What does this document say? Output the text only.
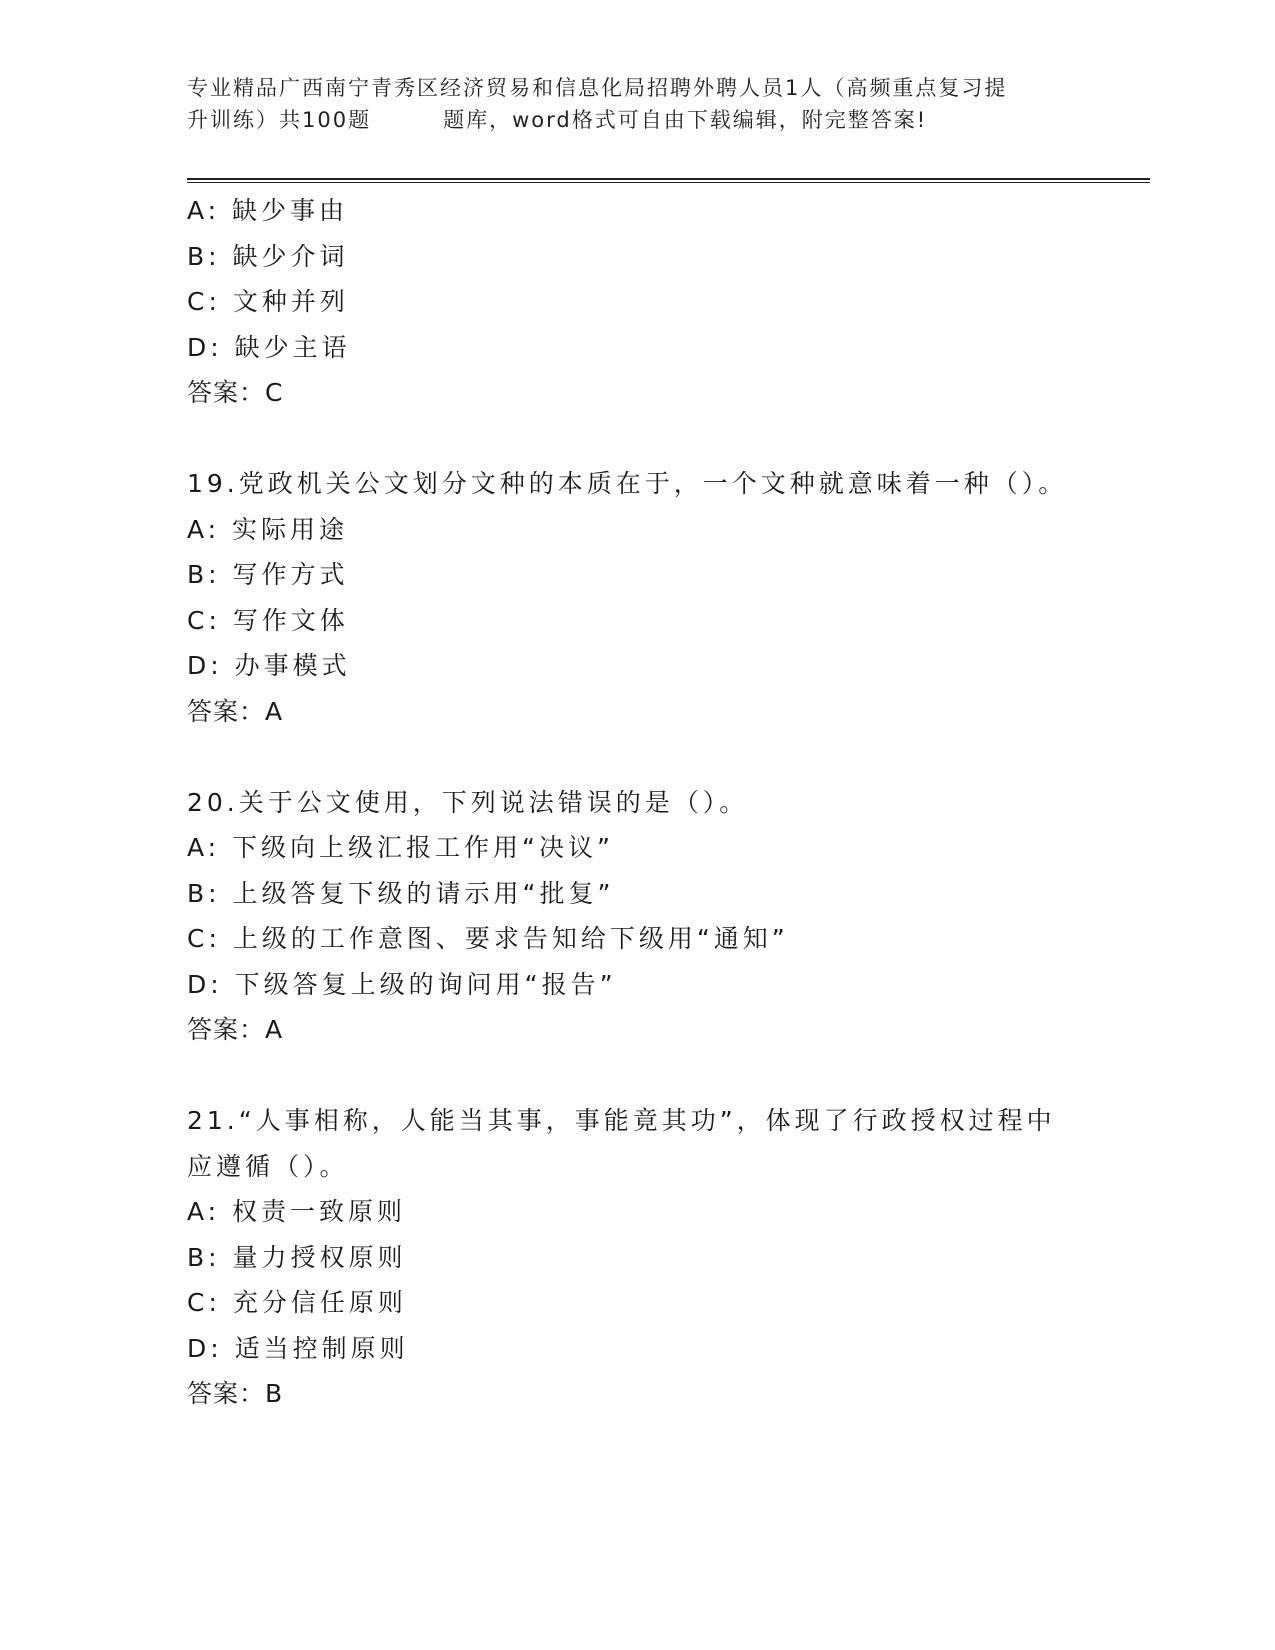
专业精品广西南宁青秀区经济贸易和信息化局招聘外聘人员1人（高频重点复习提
升训练）共100题	题库，word格式可自由下载编辑，附完整答案!
A: 缺少事由
B: 缺少介词
C: 文种并列
D: 缺少主语
答案：C
19.党政机关公文划分文种的本质在于，一个文种就意味着一种（）。
A: 实际用途
B: 写作方式
C: 写作文体
D: 办事模式
答案：A
20.关于公文使用，下列说法错误的是（）。
A: 下级向上级汇报工作用“决议”
B: 上级答复下级的请示用“批复”
C: 上级的工作意图、要求告知给下级用“通知”
D: 下级答复上级的询问用“报告”
答案：A
21.“人事相称，人能当其事，事能竟其功”，体现了行政授权过程中
应遵循（）。
A: 权责一致原则
B: 量力授权原则
C: 充分信任原则
D: 适当控制原则
答案：B
